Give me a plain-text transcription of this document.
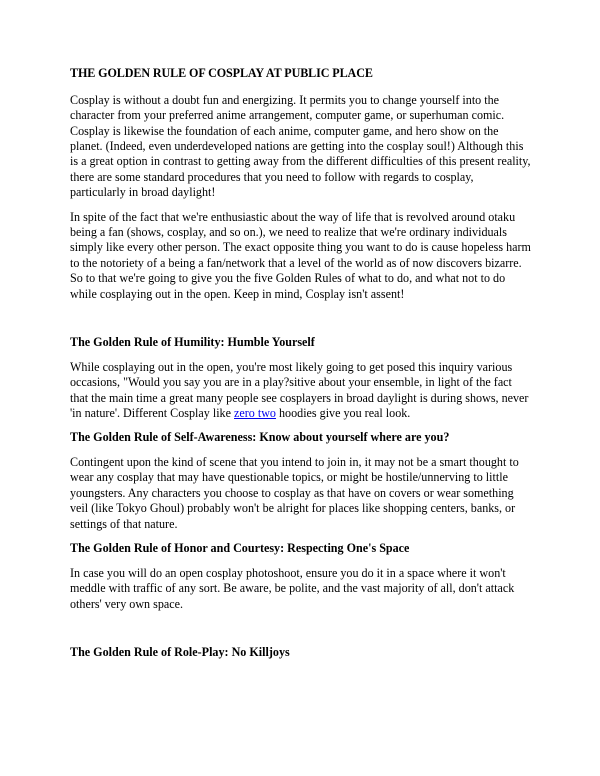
THE GOLDEN RULE OF COSPLAY AT PUBLIC PLACE

Cosplay is without a doubt fun and energizing. It permits you to change yourself into the character from your preferred anime arrangement, computer game, or superhuman comic. Cosplay is likewise the foundation of each anime, computer game, and hero show on the planet. (Indeed, even underdeveloped nations are getting into the cosplay soul!) Although this is a great option in contrast to getting away from the different difficulties of this present reality, there are some standard procedures that you need to follow with regards to cosplay, particularly in broad daylight!

In spite of the fact that we're enthusiastic about the way of life that is revolved around otaku being a fan (shows, cosplay, and so on.), we need to realize that we're ordinary individuals simply like every other person. The exact opposite thing you want to do is cause hopeless harm to the notoriety of a being a fan/network that a level of the world as of now discovers bizarre. So to that we're going to give you the five Golden Rules of what to do, and what not to do while cosplaying out in the open. Keep in mind, Cosplay isn't assent!

The Golden Rule of Humility: Humble Yourself

While cosplaying out in the open, you're most likely going to get posed this inquiry various occasions, "Would you say you are in a play?sitive about your ensemble, in light of the fact that the main time a great many people see cosplayers in broad daylight is during shows, never 'in nature'. Different Cosplay like zero two hoodies give you real look.

The Golden Rule of Self-Awareness: Know about yourself where are you?

Contingent upon the kind of scene that you intend to join in, it may not be a smart thought to wear any cosplay that may have questionable topics, or might be hostile/unnerving to little youngsters. Any characters you choose to cosplay as that have on covers or wear something veil (like Tokyo Ghoul) probably won't be alright for places like shopping centers, banks, or settings of that nature.

The Golden Rule of Honor and Courtesy: Respecting One's Space

In case you will do an open cosplay photoshoot, ensure you do it in a space where it won't meddle with traffic of any sort. Be aware, be polite, and the vast majority of all, don't attack others' very own space.

The Golden Rule of Role-Play: No Killjoys
